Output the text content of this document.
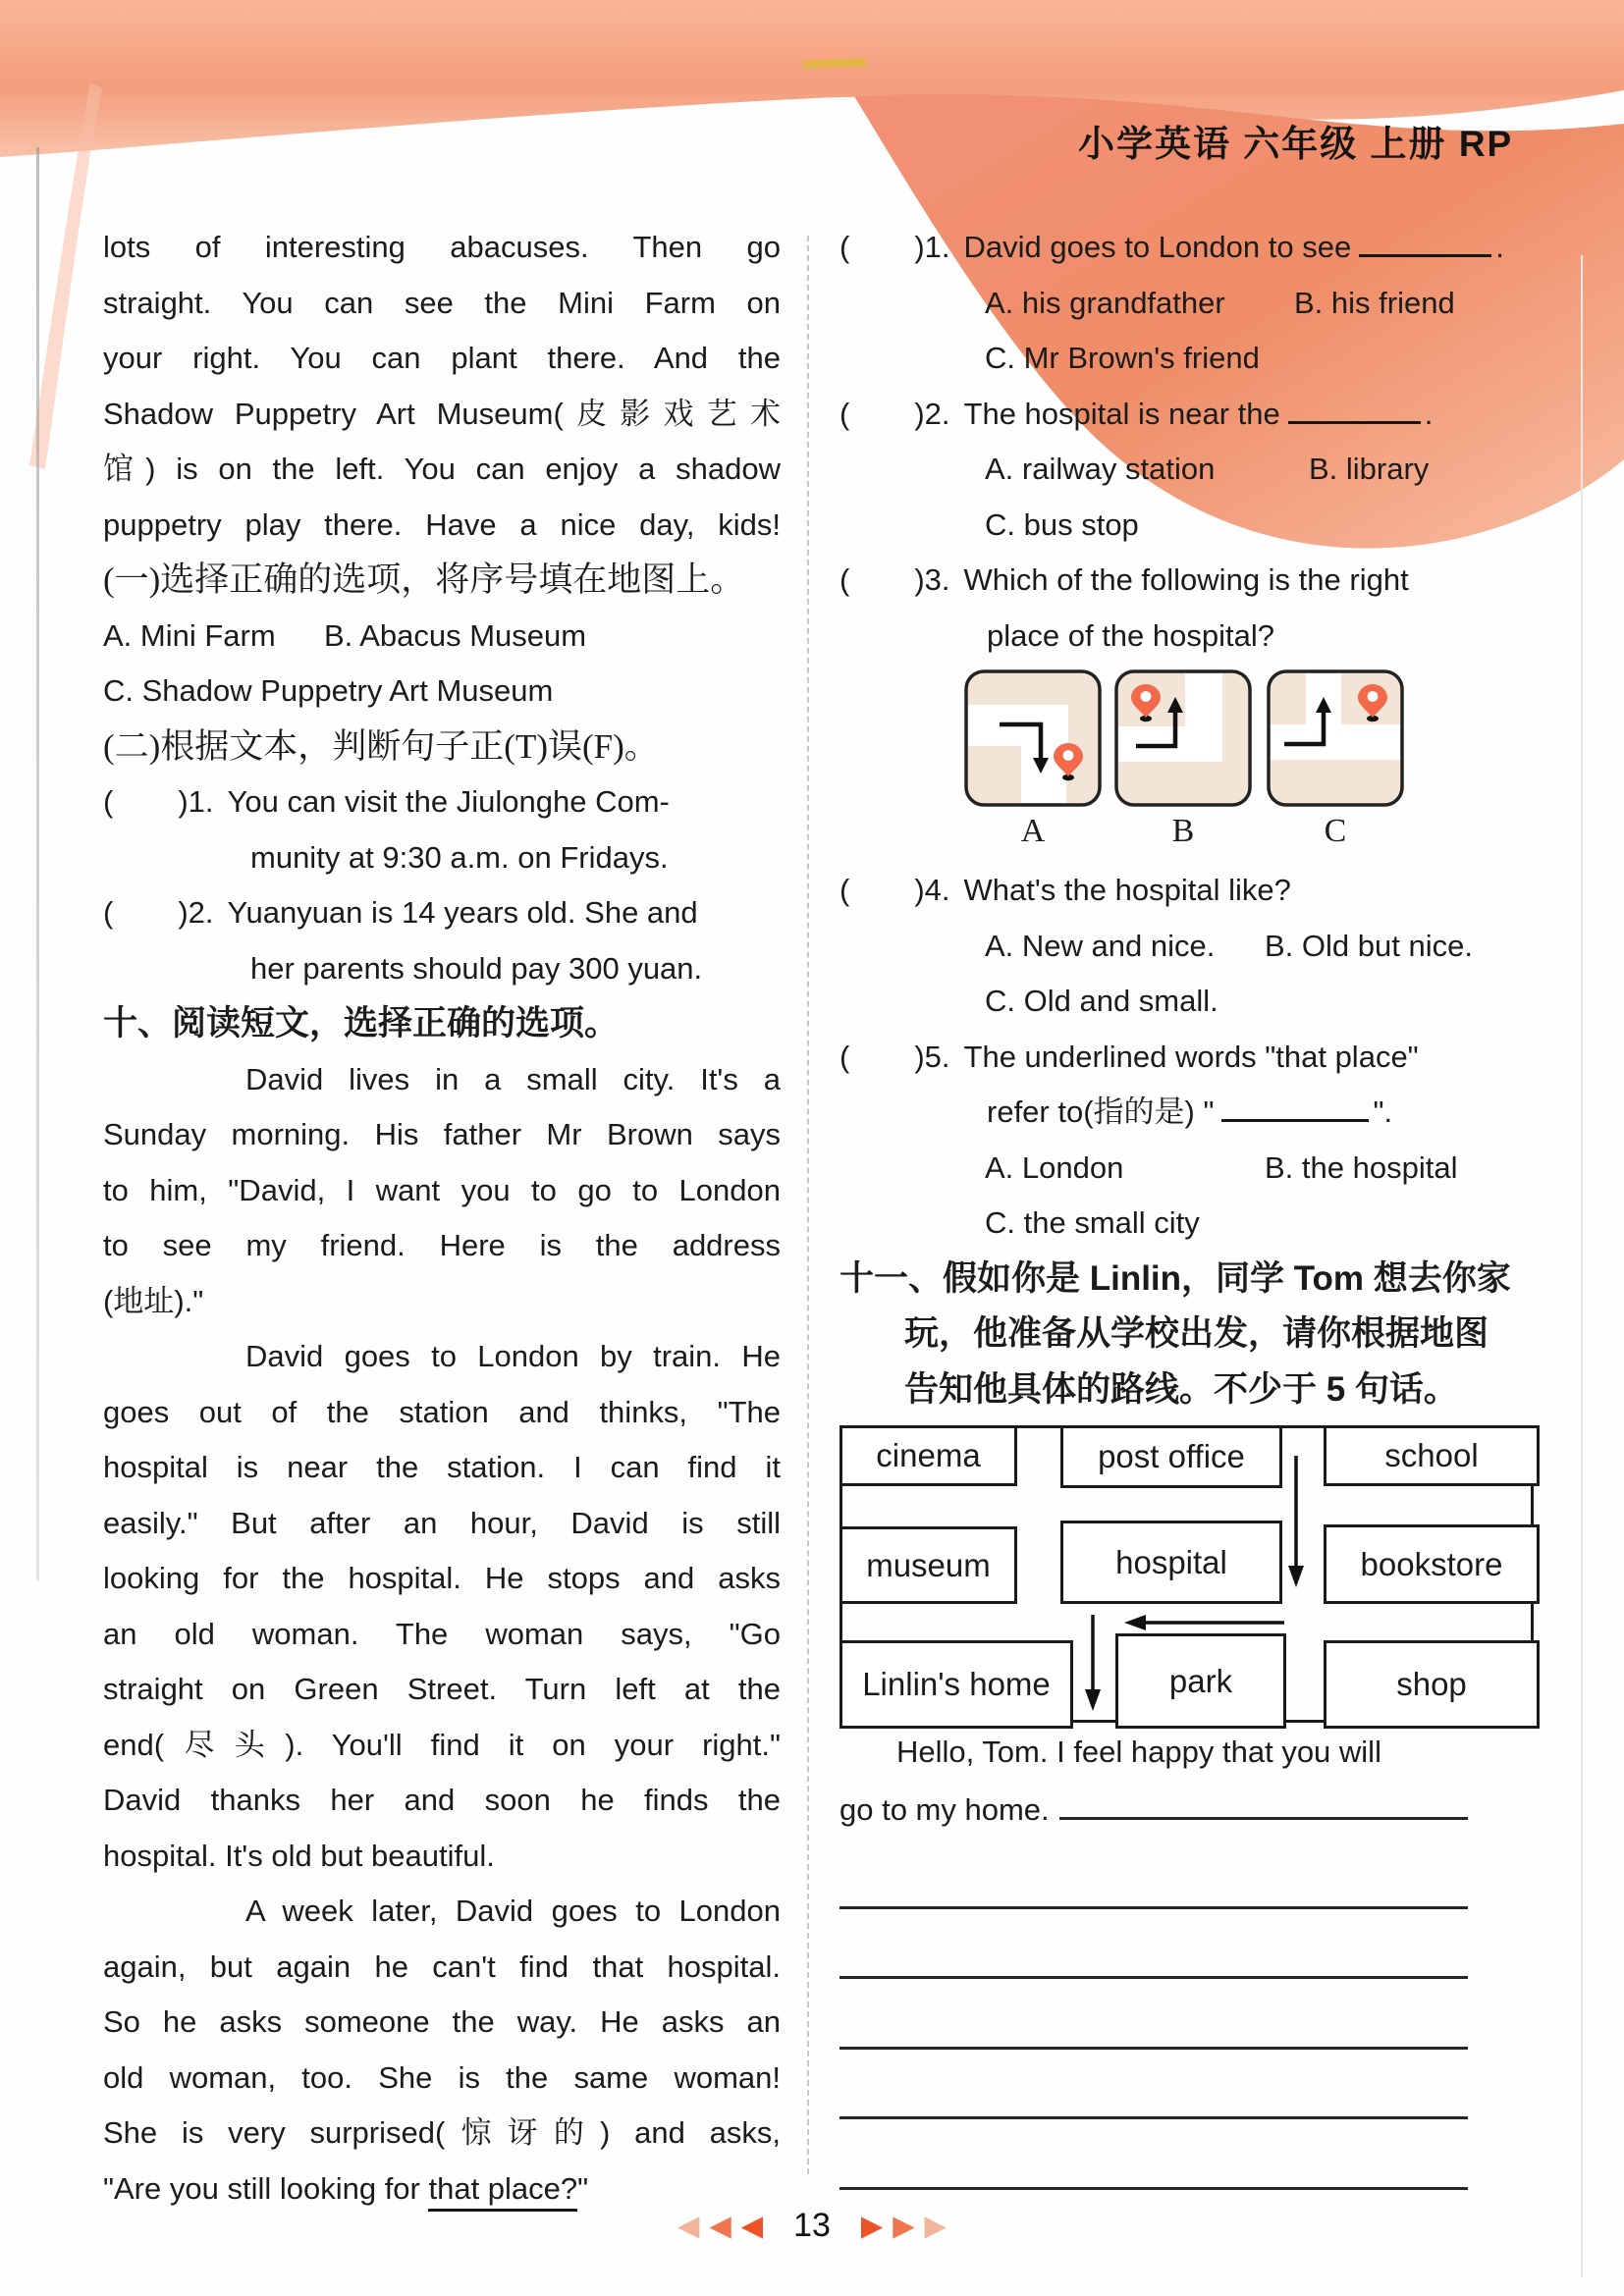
小学英语 六年级 上册 RP
lots of interesting abacuses. Then go
straight. You can see the Mini Farm on
your right. You can plant there. And the
Shadow Puppetry Art Museum(皮影戏艺术
馆) is on the left. You can enjoy a shadow
puppetry play there. Have a nice day, kids!
(一)选择正确的选项，将序号填在地图上。
A. Mini Farm B. Abacus Museum
C. Shadow Puppetry Art Museum
(二)根据文本，判断句子正(T)误(F)。
( ) 1. You can visit the Jiulonghe Com-
munity at 9:30 a.m. on Fridays.
( ) 2. Yuanyuan is 14 years old. She and
her parents should pay 300 yuan.
十、阅读短文，选择正确的选项。
David lives in a small city. It's a
Sunday morning. His father Mr Brown says
to him, "David, I want you to go to London
to see my friend. Here is the address
(地址)."
David goes to London by train. He
goes out of the station and thinks, "The
hospital is near the station. I can find it
easily." But after an hour, David is still
looking for the hospital. He stops and asks
an old woman. The woman says, "Go
straight on Green Street. Turn left at the
end(尽头). You'll find it on your right."
David thanks her and soon he finds the
hospital. It's old but beautiful.
A week later, David goes to London
again, but again he can't find that hospital.
So he asks someone the way. He asks an
old woman, too. She is the same woman!
She is very surprised(惊讶的) and asks,
"Are you still looking for that place?"
( ) 1. David goes to London to see	.
A. his grandfather B. his friend
C. Mr Brown's friend
( ) 2. The hospital is near the	.
A. railway station	B. library
C. bus stop
( ) 3. Which of the following is the right
place of the hospital?
A	B	C
( ) 4. What's the hospital like?
A. New and nice. B. Old but nice.
C. Old and small.
( ) 5. The underlined words "that place"
refer to(指的是) "	".
A. London	B. the hospital
C. the small city
十一、假如你是 Linlin，同学 Tom 想去你家
玩，他准备从学校出发，请你根据地图
告知他具体的路线。不少于 5 句话。
cinema	post office	school
museum	hospital	bookstore
Linlin's home	park	shop
Hello, Tom. I feel happy that you will
go to my home.
◀ ◀ ◀ 13 ▶ ▶ ▶
